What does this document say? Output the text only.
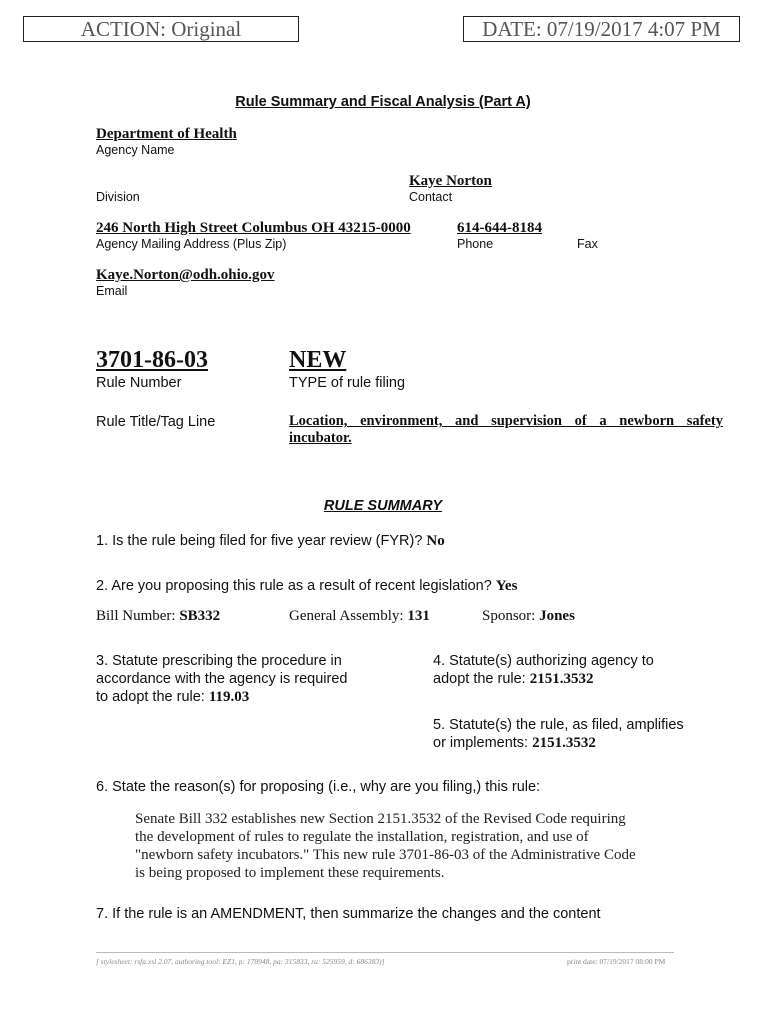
ACTION: Original	DATE: 07/19/2017 4:07 PM
Rule Summary and Fiscal Analysis (Part A)
Department of Health
Agency Name
Kaye Norton
Division	Contact
246 North High Street Columbus OH 43215-0000	614-644-8184
Agency Mailing Address (Plus Zip)	Phone	Fax
Kaye.Norton@odh.ohio.gov
Email
3701-86-03	NEW
Rule Number	TYPE of rule filing
Rule Title/Tag Line	Location, environment, and supervision of a newborn safety
incubator.
RULE SUMMARY
1. Is the rule being filed for five year review (FYR)? No
2. Are you proposing this rule as a result of recent legislation? Yes
Bill Number: SB332	General Assembly: 131	Sponsor: Jones
3. Statute prescribing the procedure in
accordance with the agency is required
to adopt the rule: 119.03
4. Statute(s) authorizing agency to
adopt the rule: 2151.3532
5. Statute(s) the rule, as filed, amplifies
or implements: 2151.3532
6. State the reason(s) for proposing (i.e., why are you filing,) this rule:
Senate Bill 332 establishes new Section 2151.3532 of the Revised Code requiring
the development of rules to regulate the installation, registration, and use of
"newborn safety incubators." This new rule 3701-86-03 of the Administrative Code
is being proposed to implement these requirements.
7. If the rule is an AMENDMENT, then summarize the changes and the content
[ stylesheet: rsfa.xsl 2.07, authoring tool: EZ1, p: 178948, pa: 315833, ra: 525959, d: 686383)]	print date: 07/19/2017 08:00 PM
